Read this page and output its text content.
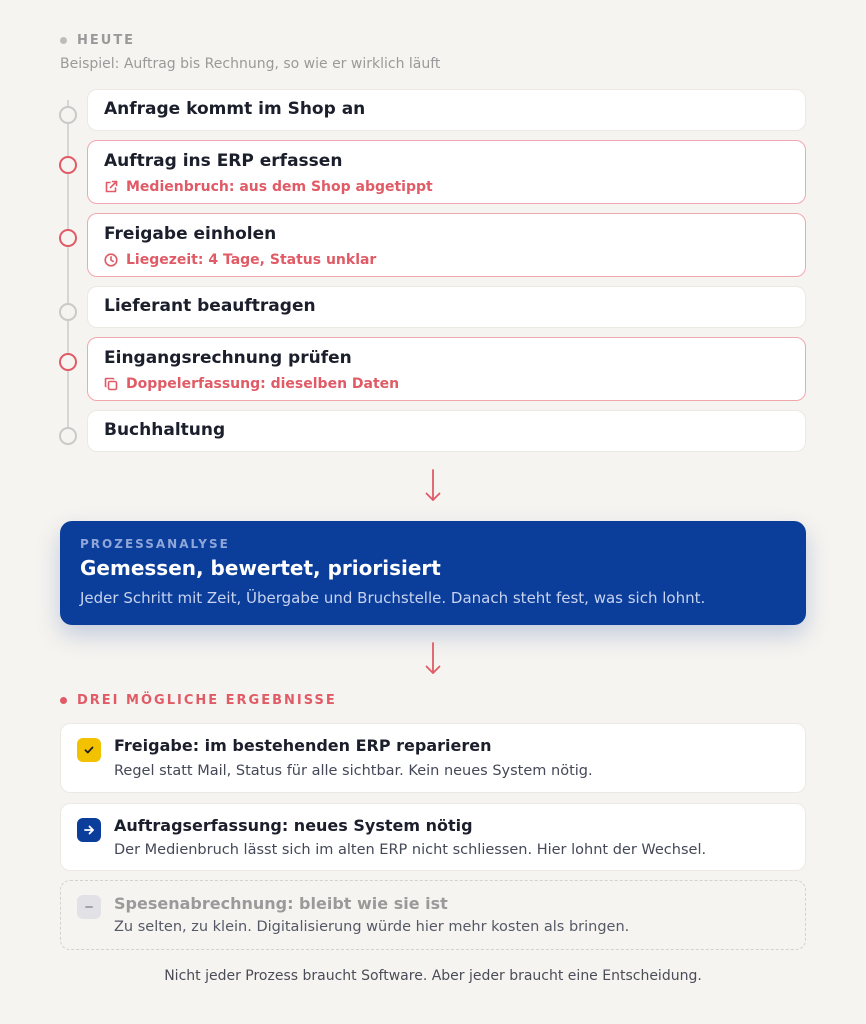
HEUTE
Beispiel: Auftrag bis Rechnung, so wie er wirklich läuft
Anfrage kommt im Shop an
Auftrag ins ERP erfassen
Medienbruch: aus dem Shop abgetippt
Freigabe einholen
Liegezeit: 4 Tage, Status unklar
Lieferant beauftragen
Eingangsrechnung prüfen
Doppelerfassung: dieselben Daten
Buchhaltung
PROZESSANALYSE
Gemessen, bewertet, priorisiert
Jeder Schritt mit Zeit, Übergabe und Bruchstelle. Danach steht fest, was sich lohnt.
DREI MÖGLICHE ERGEBNISSE
Freigabe: im bestehenden ERP reparieren
Regel statt Mail, Status für alle sichtbar. Kein neues System nötig.
Auftragserfassung: neues System nötig
Der Medienbruch lässt sich im alten ERP nicht schliessen. Hier lohnt der Wechsel.
Spesenabrechnung: bleibt wie sie ist
Zu selten, zu klein. Digitalisierung würde hier mehr kosten als bringen.
Nicht jeder Prozess braucht Software. Aber jeder braucht eine Entscheidung.
